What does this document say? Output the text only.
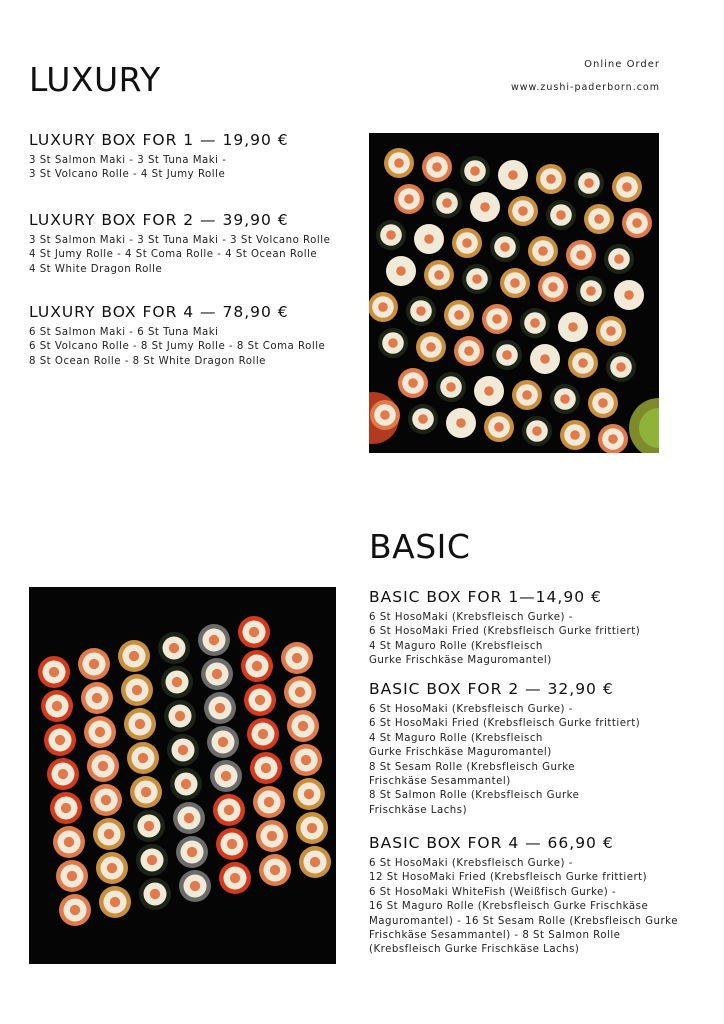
LUXURY	Online Order
www.zushi-paderborn.com
LUXURY BOX FOR 1 — 19,90 €
3 St Salmon Maki - 3 St Tuna Maki -
3 St Volcano Rolle - 4 St Jumy Rolle
LUXURY BOX FOR 2 — 39,90 €
3 St Salmon Maki - 3 St Tuna Maki - 3 St Volcano Rolle
4 St Jumy Rolle - 4 St Coma Rolle - 4 St Ocean Rolle
4 St White Dragon Rolle
LUXURY BOX FOR 4 — 78,90 €
6 St Salmon Maki - 6 St Tuna Maki
6 St Volcano Rolle - 8 St Jumy Rolle - 8 St Coma Rolle
8 St Ocean Rolle - 8 St White Dragon Rolle
BASIC
BASIC BOX FOR 1—14,90 €
6 St HosoMaki (Krebsfleisch Gurke) -
6 St HosoMaki Fried (Krebsfleisch Gurke frittiert)
4 St Maguro Rolle (Krebsfleisch
Gurke Frischkäse Maguromantel)
BASIC BOX FOR 2 — 32,90 €
6 St HosoMaki (Krebsfleisch Gurke) -
6 St HosoMaki Fried (Krebsfleisch Gurke frittiert)
4 St Maguro Rolle (Krebsfleisch
Gurke Frischkäse Maguromantel)
8 St Sesam Rolle (Krebsfleisch Gurke
Frischkäse Sesammantel)
8 St Salmon Rolle (Krebsfleisch Gurke
Frischkäse Lachs)
BASIC BOX FOR 4 — 66,90 €
6 St HosoMaki (Krebsfleisch Gurke) -
12 St HosoMaki Fried (Krebsfleisch Gurke frittiert)
6 St HosoMaki WhiteFish (Weißfisch Gurke) -
16 St Maguro Rolle (Krebsfleisch Gurke Frischkäse
Maguromantel) - 16 St Sesam Rolle (Krebsfleisch Gurke
Frischkäse Sesammantel) - 8 St Salmon Rolle
(Krebsfleisch Gurke Frischkäse Lachs)
